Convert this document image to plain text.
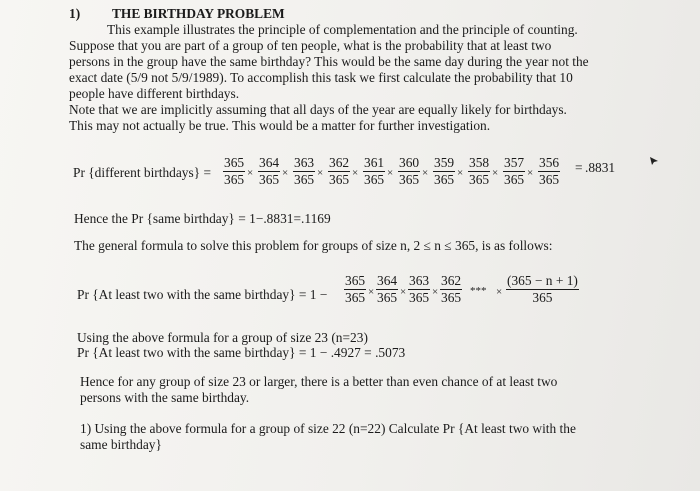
1) THE BIRTHDAY PROBLEM
This example illustrates the principle of complementation and the principle of counting.
Suppose that you are part of a group of ten people, what is the probability that at least two
persons in the group have the same birthday? This would be the same day during the year not the
exact date (5/9 not 5/9/1989). To accomplish this task we first calculate the probability that 10
people have different birthdays.
Note that we are implicitly assuming that all days of the year are equally likely for birthdays.
This may not actually be true. This would be a matter for further investigation.
Pr {different birthdays} = $\frac{365}{365} \times \frac{364}{365} \times \frac{363}{365} \times \frac{362}{365} \times \frac{361}{365} \times \frac{360}{365} \times \frac{359}{365} \times \frac{358}{365} \times \frac{357}{365} \times \frac{356}{365} = .8831$
Hence the Pr {same birthday} = 1−.8831=.1169
The general formula to solve this problem for groups of size n, 2 ≤ n ≤ 365, is as follows:
Pr {At least two with the same birthday} = $1 - \frac{365}{365} \times \frac{364}{365} \times \frac{363}{365} \times \frac{362}{365}$ *** × $\frac{(365 - n + 1)}{365}$
Using the above formula for a group of size 23 (n=23)
Pr {At least two with the same birthday} = 1 − .4927 = .5073
Hence for any group of size 23 or larger, there is a better than even chance of at least two
persons with the same birthday.
1) Using the above formula for a group of size 22 (n=22) Calculate Pr {At least two with the
same birthday}
